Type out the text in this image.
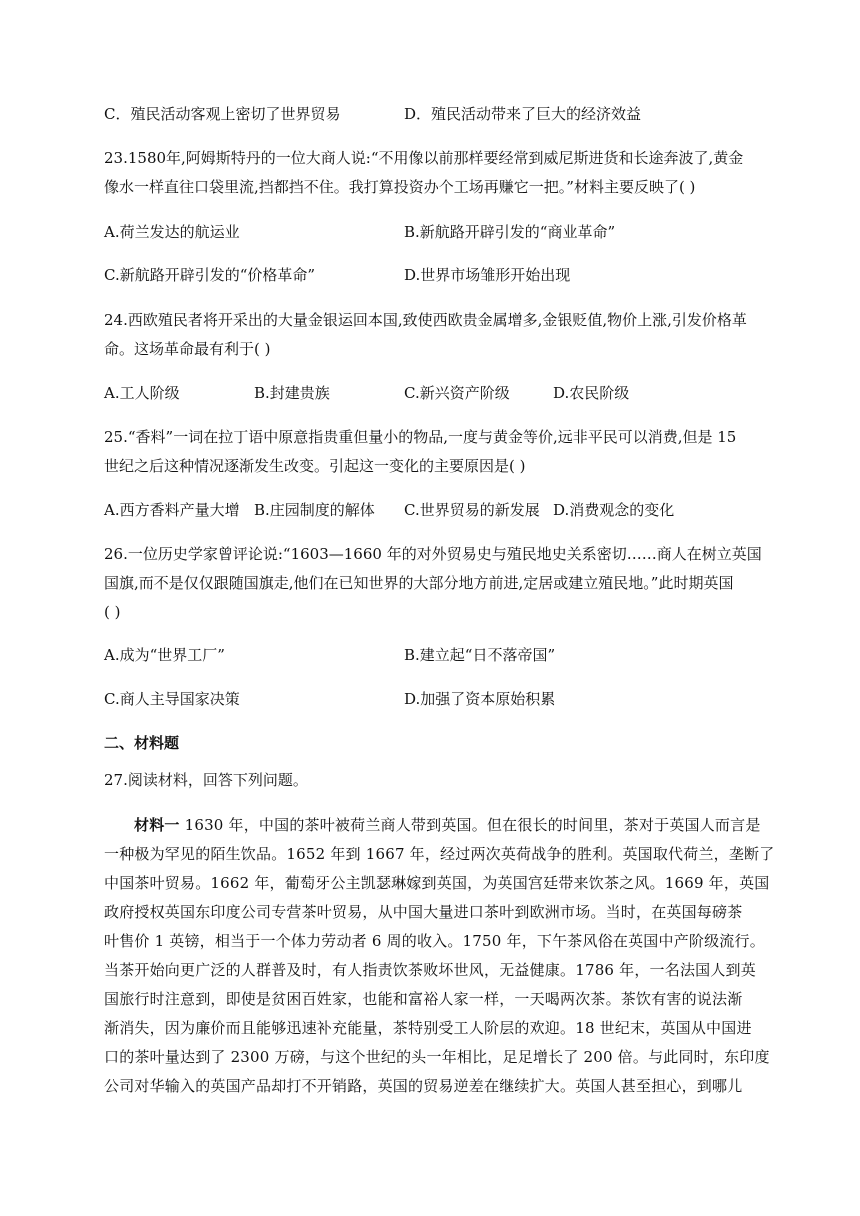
C．殖民活动客观上密切了世界贸易	D．殖民活动带来了巨大的经济效益
23.1580年,阿姆斯特丹的一位大商人说:“不用像以前那样要经常到威尼斯进货和长途奔波了,黄金
像水一样直往口袋里流,挡都挡不住。我打算投资办个工场再赚它一把。”材料主要反映了( )
A.荷兰发达的航运业	B.新航路开辟引发的“商业革命”
C.新航路开辟引发的“价格革命”	D.世界市场雏形开始出现
24.西欧殖民者将开采出的大量金银运回本国,致使西欧贵金属增多,金银贬值,物价上涨,引发价格革
命。这场革命最有利于( )
A.工人阶级	B.封建贵族	C.新兴资产阶级	D.农民阶级
25.“香料”一词在拉丁语中原意指贵重但量小的物品,一度与黄金等价,远非平民可以消费,但是 15
世纪之后这种情况逐渐发生改变。引起这一变化的主要原因是( )
A.西方香料产量大增 B.庄园制度的解体 C.世界贸易的新发展 D.消费观念的变化
26.一位历史学家曾评论说:“1603—1660 年的对外贸易史与殖民地史关系密切……商人在树立英国
国旗,而不是仅仅跟随国旗走,他们在已知世界的大部分地方前进,定居或建立殖民地。”此时期英国
( )
A.成为“世界工厂”	B.建立起“日不落帝国”
C.商人主导国家决策	D.加强了资本原始积累
二、材料题
27.阅读材料，回答下列问题。
材料一 1630 年，中国的茶叶被荷兰商人带到英国。但在很长的时间里，茶对于英国人而言是
一种极为罕见的陌生饮品。1652 年到 1667 年，经过两次英荷战争的胜利。英国取代荷兰，垄断了
中国茶叶贸易。1662 年，葡萄牙公主凯瑟琳嫁到英国，为英国宫廷带来饮茶之风。1669 年，英国
政府授权英国东印度公司专营茶叶贸易，从中国大量进口茶叶到欧洲市场。当时，在英国每磅茶
叶售价 1 英镑，相当于一个体力劳动者 6 周的收入。1750 年，下午茶风俗在英国中产阶级流行。
当茶开始向更广泛的人群普及时，有人指责饮茶败坏世风，无益健康。1786 年，一名法国人到英
国旅行时注意到，即使是贫困百姓家，也能和富裕人家一样，一天喝两次茶。茶饮有害的说法渐
渐消失，因为廉价而且能够迅速补充能量，茶特别受工人阶层的欢迎。18 世纪末，英国从中国进
口的茶叶量达到了 2300 万磅，与这个世纪的头一年相比，足足增长了 200 倍。与此同时，东印度
公司对华输入的英国产品却打不开销路，英国的贸易逆差在继续扩大。英国人甚至担心，到哪儿
